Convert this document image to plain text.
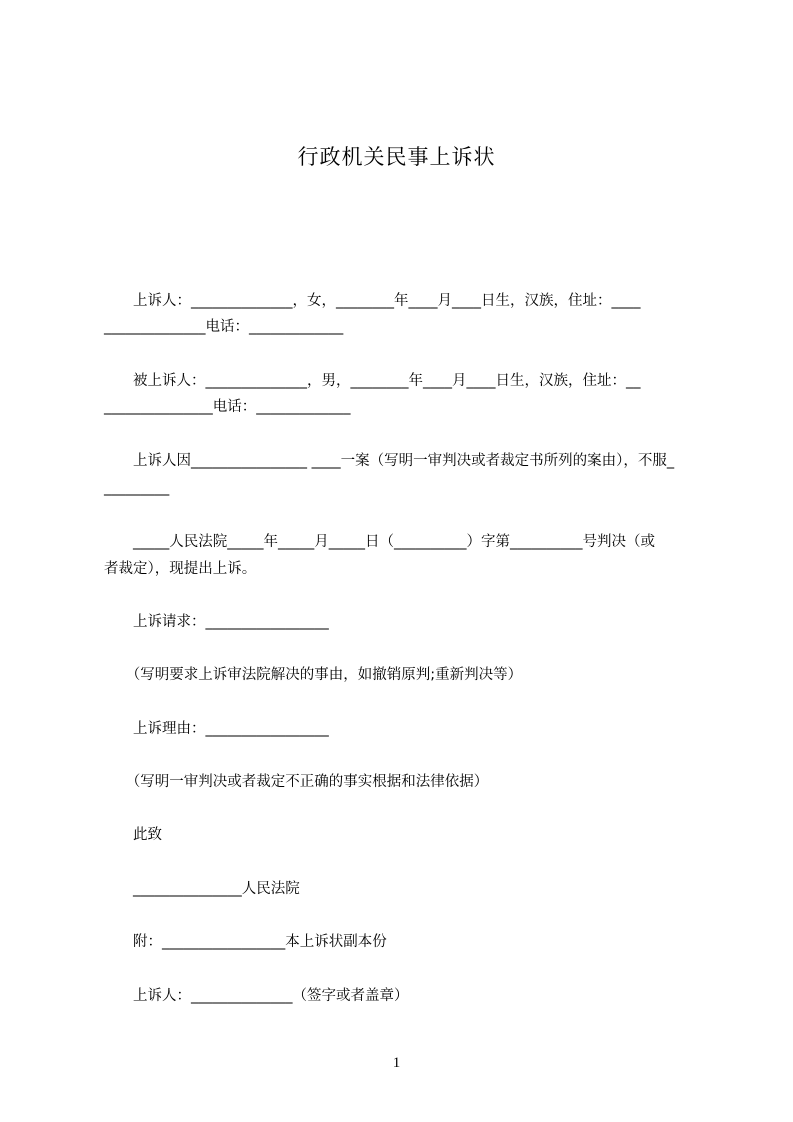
行政机关民事上诉状
　　上诉人：______________，女，________年____月____日生，汉族，住址：____
______________电话：_____________
　　被上诉人：______________，男，________年____月____日生，汉族，住址：__
_______________电话：_____________
　　上诉人因________________ ____一案（写明一审判决或者裁定书所列的案由），不服_
_________
　　_____人民法院_____年_____月_____日（__________）字第__________号判决（或
者裁定），现提出上诉。
　　上诉请求：_________________
　　（写明要求上诉审法院解决的事由，如撤销原判;重新判决等）
　　上诉理由：_________________
　　（写明一审判决或者裁定不正确的事实根据和法律依据）
　　此致
　　_______________人民法院
　　附：_________________本上诉状副本份
　　上诉人：______________（签字或者盖章）
1
